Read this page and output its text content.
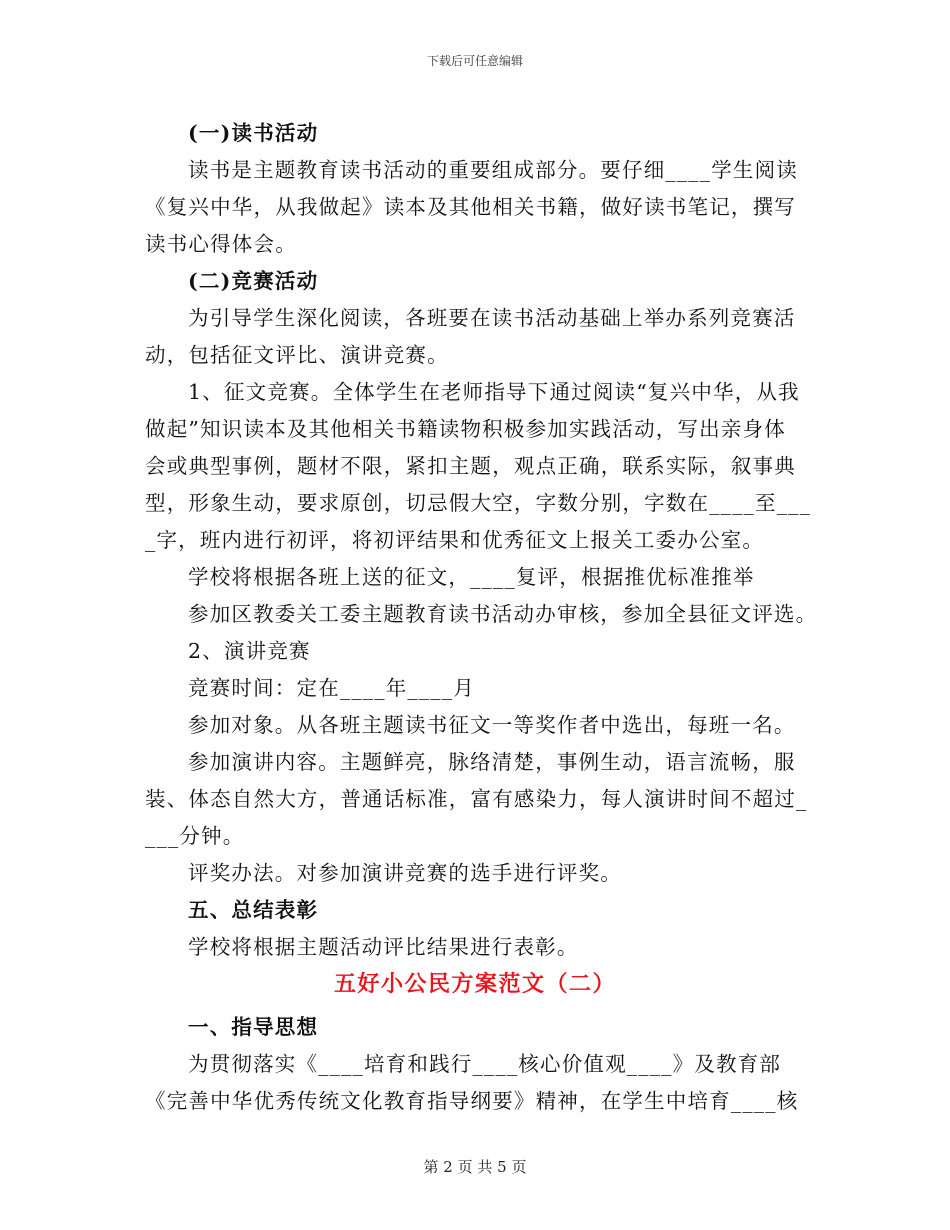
下载后可任意编辑
(一)读书活动
读书是主题教育读书活动的重要组成部分。要仔细____学生阅读
《复兴中华，从我做起》读本及其他相关书籍，做好读书笔记，撰写
读书心得体会。
(二)竞赛活动
为引导学生深化阅读，各班要在读书活动基础上举办系列竞赛活
动，包括征文评比、演讲竞赛。
1、征文竞赛。全体学生在老师指导下通过阅读“复兴中华，从我
做起”知识读本及其他相关书籍读物积极参加实践活动，写出亲身体
会或典型事例，题材不限，紧扣主题，观点正确，联系实际，叙事典
型，形象生动，要求原创，切忌假大空，字数分别，字数在____至___
_字，班内进行初评，将初评结果和优秀征文上报关工委办公室。
学校将根据各班上送的征文，____复评，根据推优标准推举
参加区教委关工委主题教育读书活动办审核，参加全县征文评选。
2、演讲竞赛
竞赛时间：定在____年____月
参加对象。从各班主题读书征文一等奖作者中选出，每班一名。
参加演讲内容。主题鲜亮，脉络清楚，事例生动，语言流畅，服
装、体态自然大方，普通话标准，富有感染力，每人演讲时间不超过_
___分钟。
评奖办法。对参加演讲竞赛的选手进行评奖。
五、总结表彰
学校将根据主题活动评比结果进行表彰。
五好小公民方案范文（二）
一、指导思想
为贯彻落实《____培育和践行____核心价值观____》及教育部
《完善中华优秀传统文化教育指导纲要》精神，在学生中培育____核
第 2 页 共 5 页
